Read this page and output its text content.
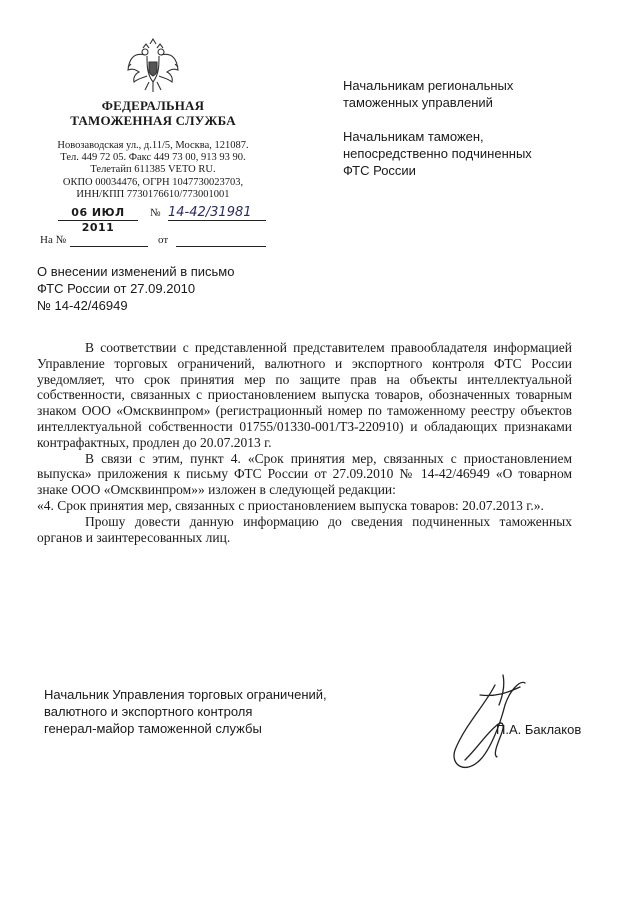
ФЕДЕРАЛЬНАЯ
ТАМОЖЕННАЯ СЛУЖБА
Новозаводская ул., д.11/5, Москва, 121087.
Тел. 449 72 05. Факс 449 73 00, 913 93 90.
Телетайп 611385 VETO RU.
ОКПО 00034476, ОГРН 1047730023703,
ИНН/КПП 7730176610/773001001
06 ИЮЛ 2011
№ 14-42/31981
На №	от

Начальникам региональных таможенных управлений

Начальникам таможен, непосредственно подчиненных ФТС России

О внесении изменений в письмо
ФТС России от 27.09.2010
№ 14-42/46949

В соответствии с представленной представителем правообладателя информацией Управление торговых ограничений, валютного и экспортного контроля ФТС России уведомляет, что срок принятия мер по защите прав на объекты интеллектуальной собственности, связанных с приостановлением выпуска товаров, обозначенных товарным знаком ООО «Омсквинпром» (регистрационный номер по таможенному реестру объектов интеллектуальной собственности 01755/01330-001/ТЗ-220910) и обладающих признаками контрафактных, продлен до 20.07.2013 г.

В связи с этим, пункт 4. «Срок принятия мер, связанных с приостановлением выпуска» приложения к письму ФТС России от 27.09.2010 № 14-42/46949 «О товарном знаке ООО «Омсквинпром»» изложен в следующей редакции:

«4. Срок принятия мер, связанных с приостановлением выпуска товаров: 20.07.2013 г.».

Прошу довести данную информацию до сведения подчиненных таможенных органов и заинтересованных лиц.

Начальник Управления торговых ограничений,
валютного и экспортного контроля
генерал-майор таможенной службы	П.А. Баклаков
